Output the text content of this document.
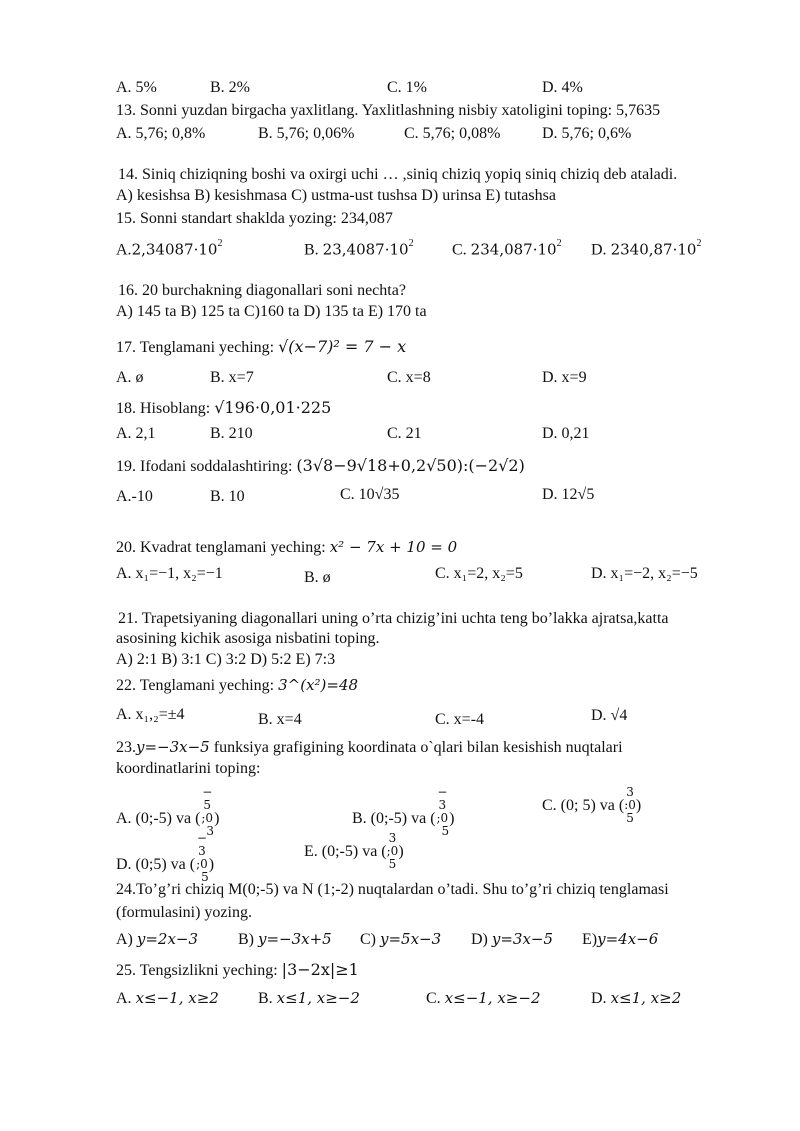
A. 5%	B. 2%	C. 1%	D. 4%
13. Sonni yuzdan birgacha yaxlitlang. Yaxlitlashning nisbiy xatoligini toping: 5,7635
A. 5,76; 0,8%	B. 5,76; 0,06%	C. 5,76; 0,08%	D. 5,76; 0,6%
14. Siniq chiziqning boshi va oxirgi uchi … ,siniq chiziq yopiq siniq chiziq deb ataladi.
A) kesishsa B) kesishmasa C) ustma-ust tushsa D) urinsa E) tutashsa
15. Sonni standart shaklda yozing: 234,087
$A.2,34087\cdot 10^2$	B. $23,4087\cdot 10^2$ C. $234,087\cdot 10^2$ D. $2340,87\cdot 10^2$
16. 20 burchakning diagonallari soni nechta?
A) 145 ta B) 125 ta C)160 ta D) 135 ta E) 170 ta
17. Tenglamani yeching: √(x−7)² = 7 − x
A. ø	B. x=7	C. x=8	D. x=9
18. Hisoblang: √196·0,01·225
A. 2,1	B. 210	C. 21	D. 0,21
19. Ifodani soddalashtiring: (3√8−9√18+0,2√50):(−2√2)
A.-10	B. 10	C. 10√35	D. 12√5
20. Kvadrat tenglamani yeching: x² − 7x + 10 = 0
A. x₁=−1, x₂=−1	B. ø	C. x₁=2, x₂=5	D. x₁=−2, x₂=−5
21. Trapetsiyaning diagonallari uning o’rta chizig’ini uchta teng bo’lakka ajratsa,katta
asosining kichik asosiga nisbatini toping.
A) 2:1 B) 3:1 C) 3:2 D) 5:2 E) 7:3
22. Tenglamani yeching: 3^(x²)=48
A. x₁,₂=±4	B. x=4	C. x=-4	D. √4
23.y=−3x−5 funksiya grafigining koordinata o`qlari bilan kesishish nuqtalari
koordinatlarini toping:
A. (0;-5) va (
−
5
;0
3
)	B. (0;-5) va (
−
3
;0
5
)
C. (0; 5) va (
3
:0
5
)
D. (0;5) va (
−
3
;0
5
)
E. (0;-5) va (
3
;0
5
)
24.To’g’ri chiziq M(0;-5) va N (1;-2) nuqtalardan o’tadi. Shu to’g’ri chiziq tenglamasi
(formulasini) yozing.
A) y=2x−3 B) y=−3x+5 C) y=5x−3 D) y=3x−5 E)y=4x−6
25. Tengsizlikni yeching: |3−2x|≥1
A. x≤−1, x≥2 B. x≤1, x≥−2	C. x≤−1, x≥−2	D. x≤1, x≥2
